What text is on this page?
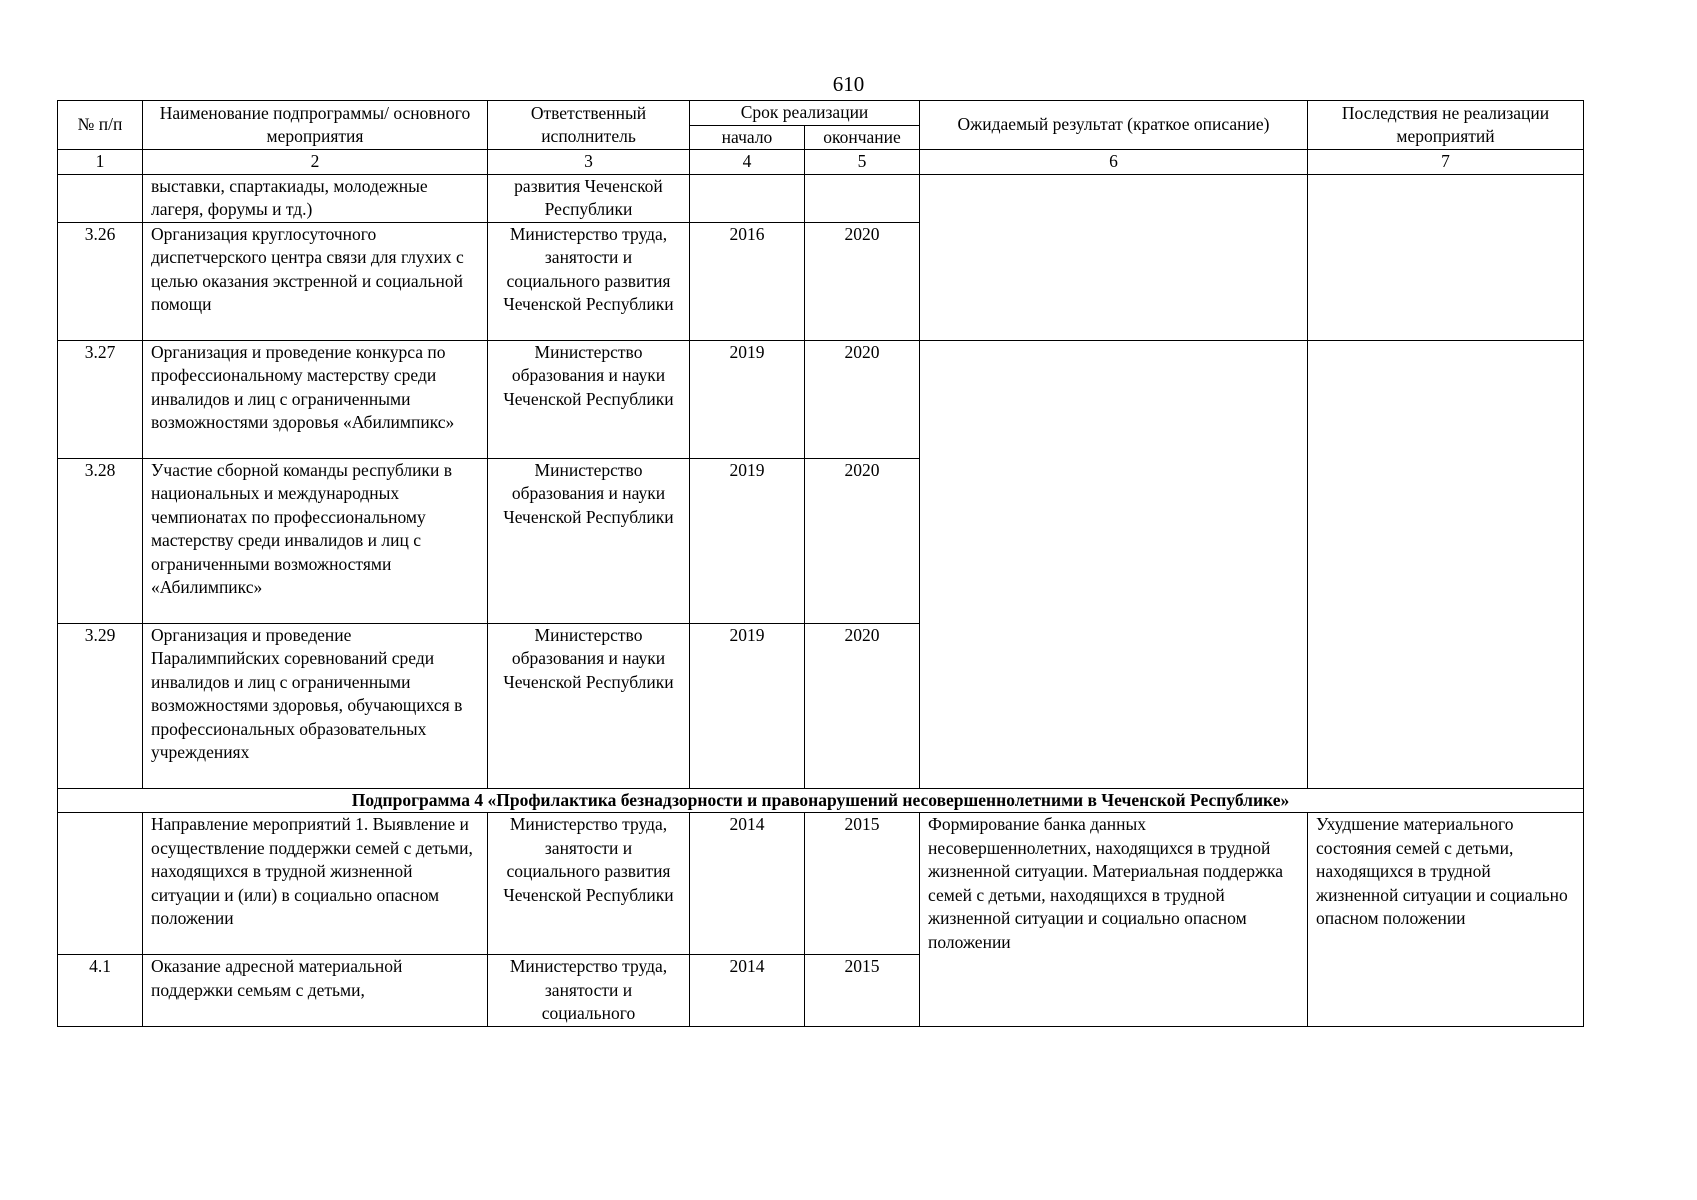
610
№ п/п	Наименование подпрограммы/ основного мероприятия	Ответственный исполнитель	Срок реализации		Ожидаемый результат (краткое описание)	Последствия не реализации мероприятий
			начало	окончание		
1	2	3	4	5	6	7
	выставки, спартакиады, молодежные лагеря, форумы и тд.)	развития Чеченской Республики				
3.26	Организация круглосуточного диспетчерского центра связи для глухих с целью оказания экстренной и социальной помощи	Министерство труда, занятости и социального развития Чеченской Республики	2016	2020		
3.27	Организация и проведение конкурса по профессиональному мастерству среди инвалидов и лиц с ограниченными возможностями здоровья «Абилимпикс»	Министерство образования и науки Чеченской Республики	2019	2020		
3.28	Участие сборной команды республики в национальных и международных чемпионатах по профессиональному мастерству среди инвалидов и лиц с ограниченными возможностями «Абилимпикс»	Министерство образования и науки Чеченской Республики	2019	2020		
3.29	Организация и проведение Паралимпийских соревнований среди инвалидов и лиц с ограниченными возможностями здоровья, обучающихся в профессиональных образовательных учреждениях	Министерство образования и науки Чеченской Республики	2019	2020		
Подпрограмма 4 «Профилактика безнадзорности и правонарушений несовершеннолетними в Чеченской Республике»						
	Направление мероприятий 1. Выявление и осуществление поддержки семей с детьми, находящихся в трудной жизненной ситуации и (или) в социально опасном положении	Министерство труда, занятости и социального развития Чеченской Республики	2014	2015	Формирование банка данных несовершеннолетних, находящихся в трудной жизненной ситуации. Материальная поддержка семей с детьми, находящихся в трудной жизненной ситуации и социально опасном положении	Ухудшение материального состояния семей с детьми, находящихся в трудной жизненной ситуации и социально опасном положении
4.1	Оказание адресной материальной поддержки семьям с детьми,	Министерство труда, занятости и социального	2014	2015		
